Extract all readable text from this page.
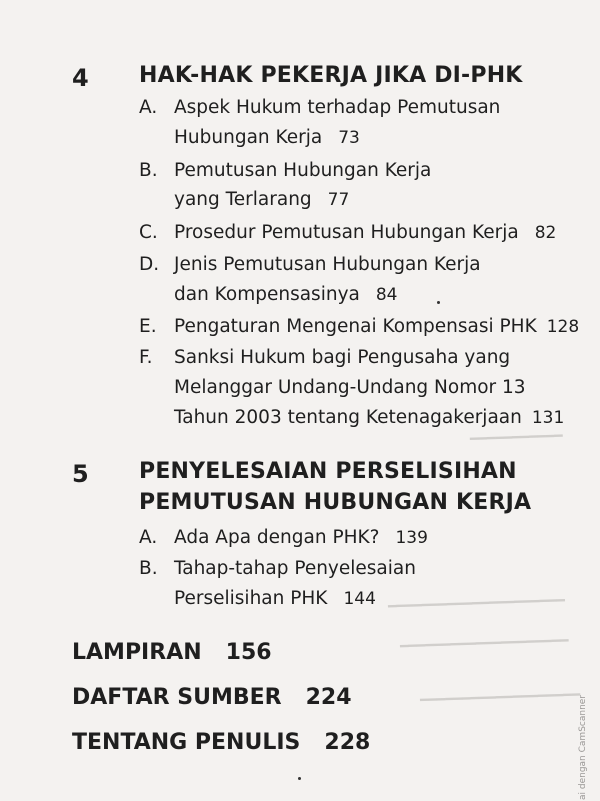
━━━━━━━━━━━
━━━━━━━━━━━━━━━━━━━━━
━━━━━━━━━━━━━━━━━━━━
━━━━━━━━━━━━━━━━━━━
4 HAK-HAK PEKERJA JIKA DI-PHK
A. Aspek Hukum terhadap Pemutusan
Hubungan Kerja 73
B. Pemutusan Hubungan Kerja
yang Terlarang 77
C. Prosedur Pemutusan Hubungan Kerja 82
D. Jenis Pemutusan Hubungan Kerja
dan Kompensasinya 84
E. Pengaturan Mengenai Kompensasi PHK 128
F. Sanksi Hukum bagi Pengusaha yang
Melanggar Undang-Undang Nomor 13
Tahun 2003 tentang Ketenagakerjaan 131
5 PENYELESAIAN PERSELISIHAN
PEMUTUSAN HUBUNGAN KERJA
A. Ada Apa dengan PHK? 139
B. Tahap-tahap Penyelesaian
Perselisihan PHK 144
LAMPIRAN 156
DAFTAR SUMBER 224
TENTANG PENULIS 228	ai dengan CamScanner
